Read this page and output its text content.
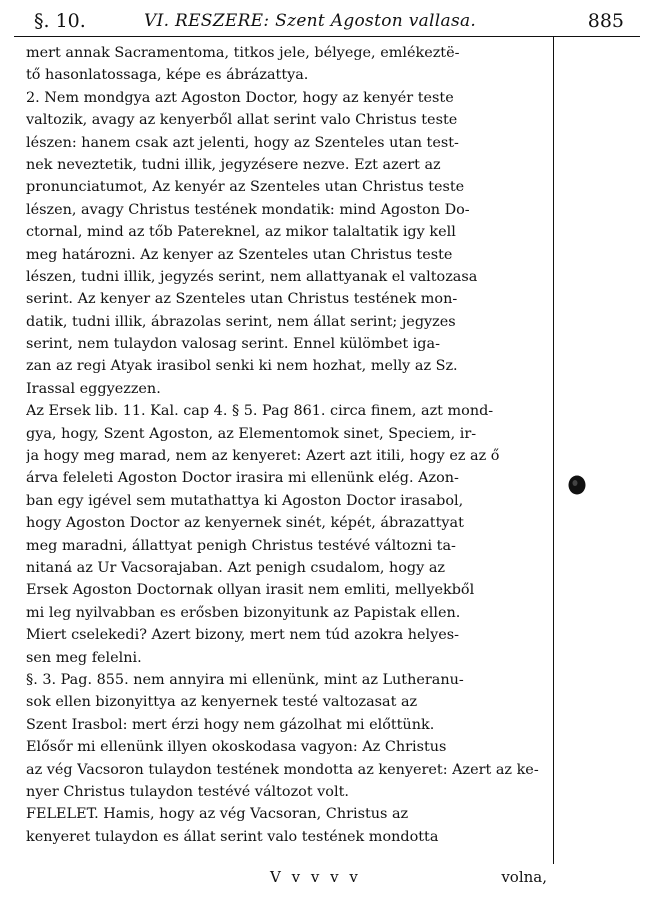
§. 10.	VI. RESZERE: Szent Agoston vallasa.	885
mert annak Sacramentoma, titkos jele, bélyege, emlékeztë-
tő hasonlatossaga, képe es ábrázattya.
2. Nem mondgya azt Agoston Doctor, hogy az kenyér teste
valtozik, avagy az kenyerből allat serint valo Christus teste
lészen: hanem csak azt jelenti, hogy az Szenteles utan test-
nek neveztetik, tudni illik, jegyzésere nezve. Ezt azert az
pronunciatumot, Az kenyér az Szenteles utan Christus teste
lészen, avagy Christus testének mondatik: mind Agoston Do-
ctornal, mind az tőb Patereknel, az mikor talaltatik igy kell
meg határozni. Az kenyer az Szenteles utan Christus teste
lészen, tudni illik, jegyzés serint, nem allattyanak el valtozasa
serint. Az kenyer az Szenteles utan Christus testének mon-
datik, tudni illik, ábrazolas serint, nem állat serint; jegyzes
serint, nem tulaydon valosag serint. Ennel külömbet iga-
zan az regi Atyak irasibol senki ki nem hozhat, melly az Sz.
Irassal eggyezzen.
Az Ersek lib. 11. Kal. cap 4. § 5. Pag 861. circa finem, azt mond-
gya, hogy, Szent Agoston, az Elementomok sinet, Speciem, ir-
ja hogy meg marad, nem az kenyeret: Azert azt itili, hogy ez az ő
árva feleleti Agoston Doctor irasira mi ellenünk elég. Azon-
ban egy igével sem mutathattya ki Agoston Doctor irasabol,
hogy Agoston Doctor az kenyernek sinét, képét, ábrazattyat
meg maradni, állattyat penigh Christus testévé változni ta-
nitaná az Ur Vacsorajaban. Azt penigh csudalom, hogy az
Ersek Agoston Doctornak ollyan irasit nem emliti, mellyekből
mi leg nyilvabban es erősben bizonyitunk az Papistak ellen.
Miert cselekedi? Azert bizony, mert nem túd azokra helyes-
sen meg felelni.
§. 3. Pag. 855. nem annyira mi ellenünk, mint az Lutheranu-
sok ellen bizonyittya az kenyernek testé valtozasat az
Szent Irasbol: mert érzi hogy nem gázolhat mi előttünk.
Elősőr mi ellenünk illyen okoskodasa vagyon: Az Christus
az vég Vacsoron tulaydon testének mondotta az kenyeret: Azert az ke-
nyer Christus tulaydon testévé változot volt.
FELELET. Hamis, hogy az vég Vacsoran, Christus az
kenyeret tulaydon es állat serint valo testének mondotta
V v v v v	volna,
